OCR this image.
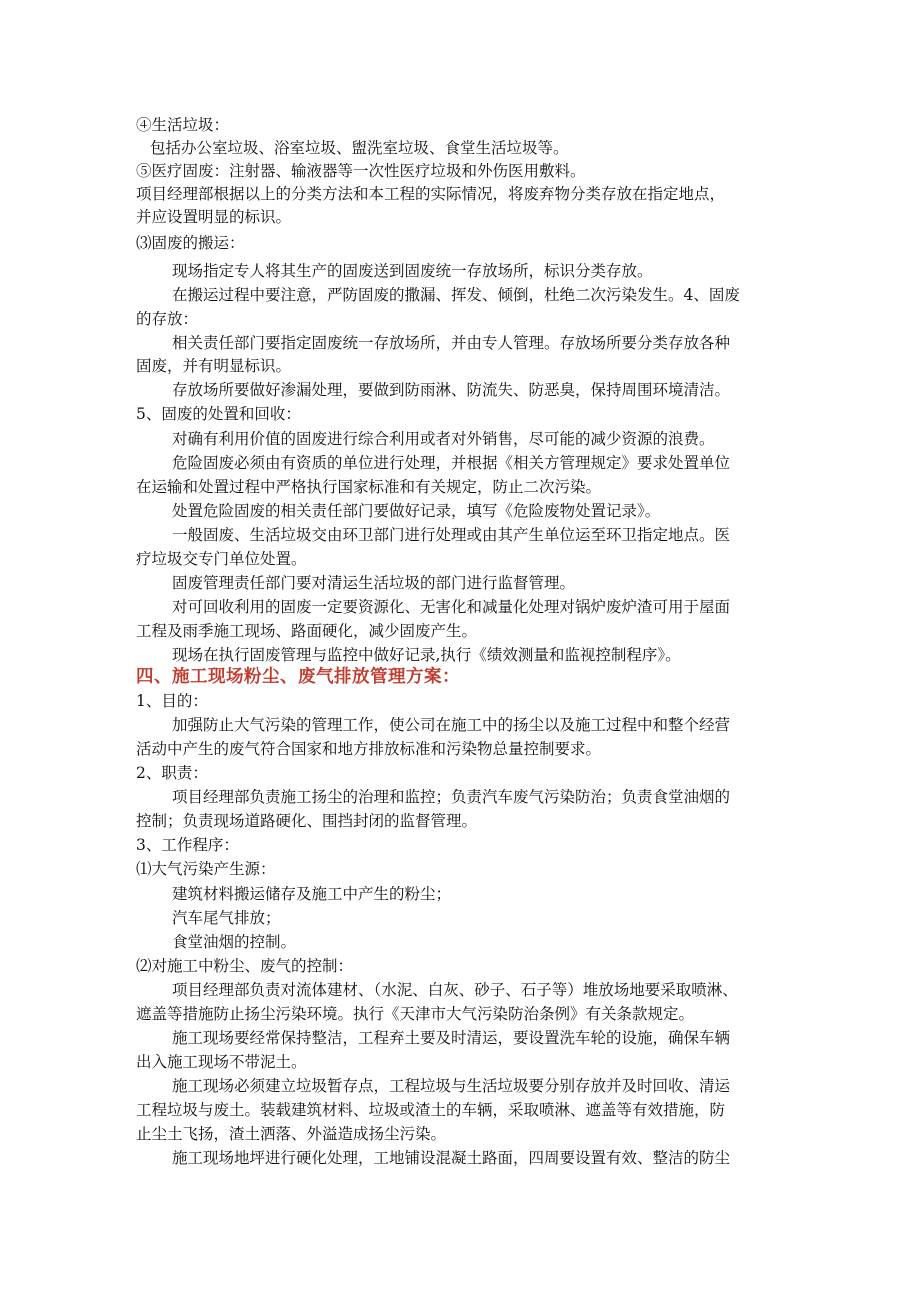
④生活垃圾：

包括办公室垃圾、浴室垃圾、盥洗室垃圾、食堂生活垃圾等。

⑤医疗固废：注射器、输液器等一次性医疗垃圾和外伤医用敷料。

项目经理部根据以上的分类方法和本工程的实际情况，将废弃物分类存放在指定地点，

并应设置明显的标识。

⑶固废的搬运：

现场指定专人将其生产的固废送到固废统一存放场所，标识分类存放。

在搬运过程中要注意，严防固废的撒漏、挥发、倾倒，杜绝二次污染发生。4、固废

的存放：

相关责任部门要指定固废统一存放场所，并由专人管理。存放场所要分类存放各种

固废，并有明显标识。

存放场所要做好渗漏处理，要做到防雨淋、防流失、防恶臭，保持周围环境清洁。

5、固废的处置和回收：

对确有利用价值的固废进行综合利用或者对外销售，尽可能的减少资源的浪费。

危险固废必须由有资质的单位进行处理，并根据《相关方管理规定》要求处置单位

在运输和处置过程中严格执行国家标准和有关规定，防止二次污染。

处置危险固废的相关责任部门要做好记录，填写《危险废物处置记录》。

一般固废、生活垃圾交由环卫部门进行处理或由其产生单位运至环卫指定地点。医

疗垃圾交专门单位处置。

固废管理责任部门要对清运生活垃圾的部门进行监督管理。

对可回收利用的固废一定要资源化、无害化和减量化处理对锅炉废炉渣可用于屋面

工程及雨季施工现场、路面硬化，减少固废产生。

现场在执行固废管理与监控中做好记录,执行《绩效测量和监视控制程序》。

四、施工现场粉尘、废气排放管理方案：

1、目的：

加强防止大气污染的管理工作，使公司在施工中的扬尘以及施工过程中和整个经营

活动中产生的废气符合国家和地方排放标准和污染物总量控制要求。

2、职责：

项目经理部负责施工扬尘的治理和监控；负责汽车废气污染防治；负责食堂油烟的

控制；负责现场道路硬化、围挡封闭的监督管理。

3、工作程序：

⑴大气污染产生源：

建筑材料搬运储存及施工中产生的粉尘；

汽车尾气排放；

食堂油烟的控制。

⑵对施工中粉尘、废气的控制：

项目经理部负责对流体建材、（水泥、白灰、砂子、石子等）堆放场地要采取喷淋、

遮盖等措施防止扬尘污染环境。执行《天津市大气污染防治条例》有关条款规定。

施工现场要经常保持整洁，工程弃土要及时清运，要设置洗车轮的设施，确保车辆

出入施工现场不带泥土。

施工现场必须建立垃圾暂存点，工程垃圾与生活垃圾要分别存放并及时回收、清运

工程垃圾与废土。装载建筑材料、垃圾或渣土的车辆，采取喷淋、遮盖等有效措施，防

止尘土飞扬，渣土洒落、外溢造成扬尘污染。

施工现场地坪进行硬化处理，工地铺设混凝土路面，四周要设置有效、整洁的防尘
